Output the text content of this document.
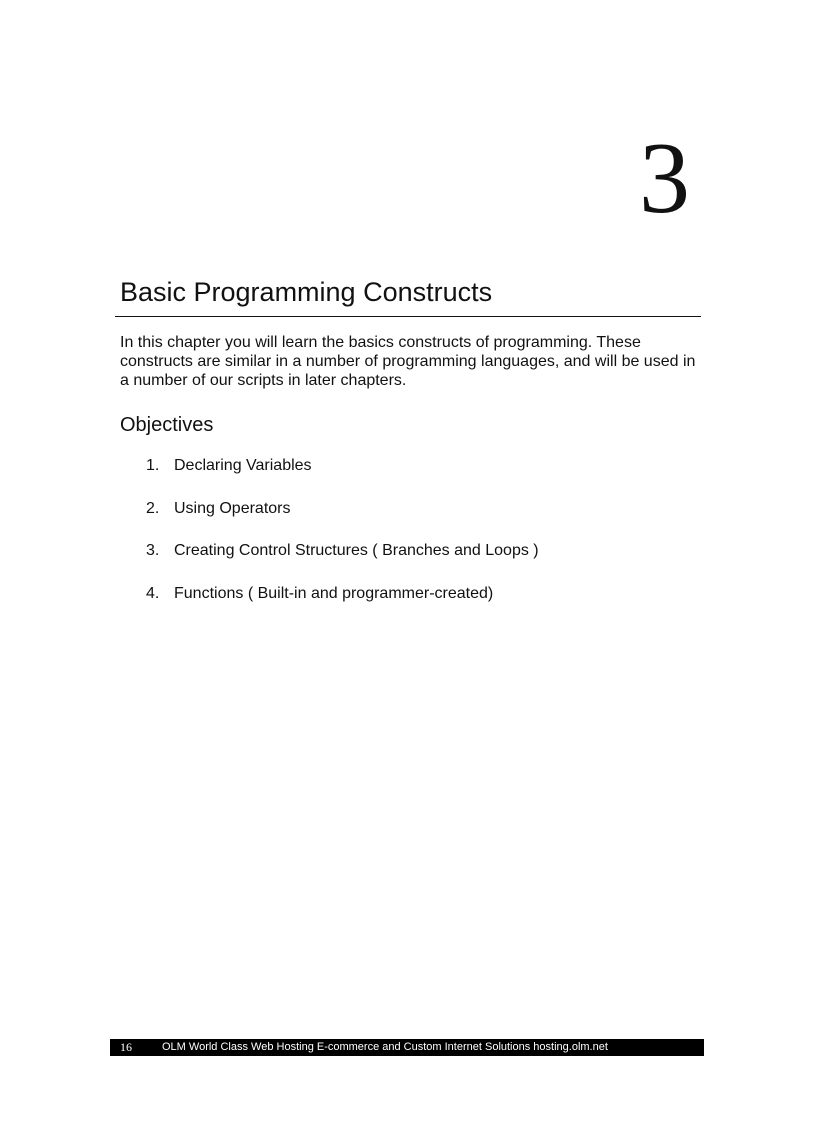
3
Basic Programming Constructs

In this chapter you will learn the basics constructs of programming. These constructs are similar in a number of programming languages, and will be used in a number of our scripts in later chapters.

Objectives
1. Declaring Variables
2. Using Operators
3. Creating Control Structures ( Branches and Loops )
4. Functions ( Built-in and programmer-created)
16	OLM World Class Web Hosting E-commerce and Custom Internet Solutions hosting.olm.net
